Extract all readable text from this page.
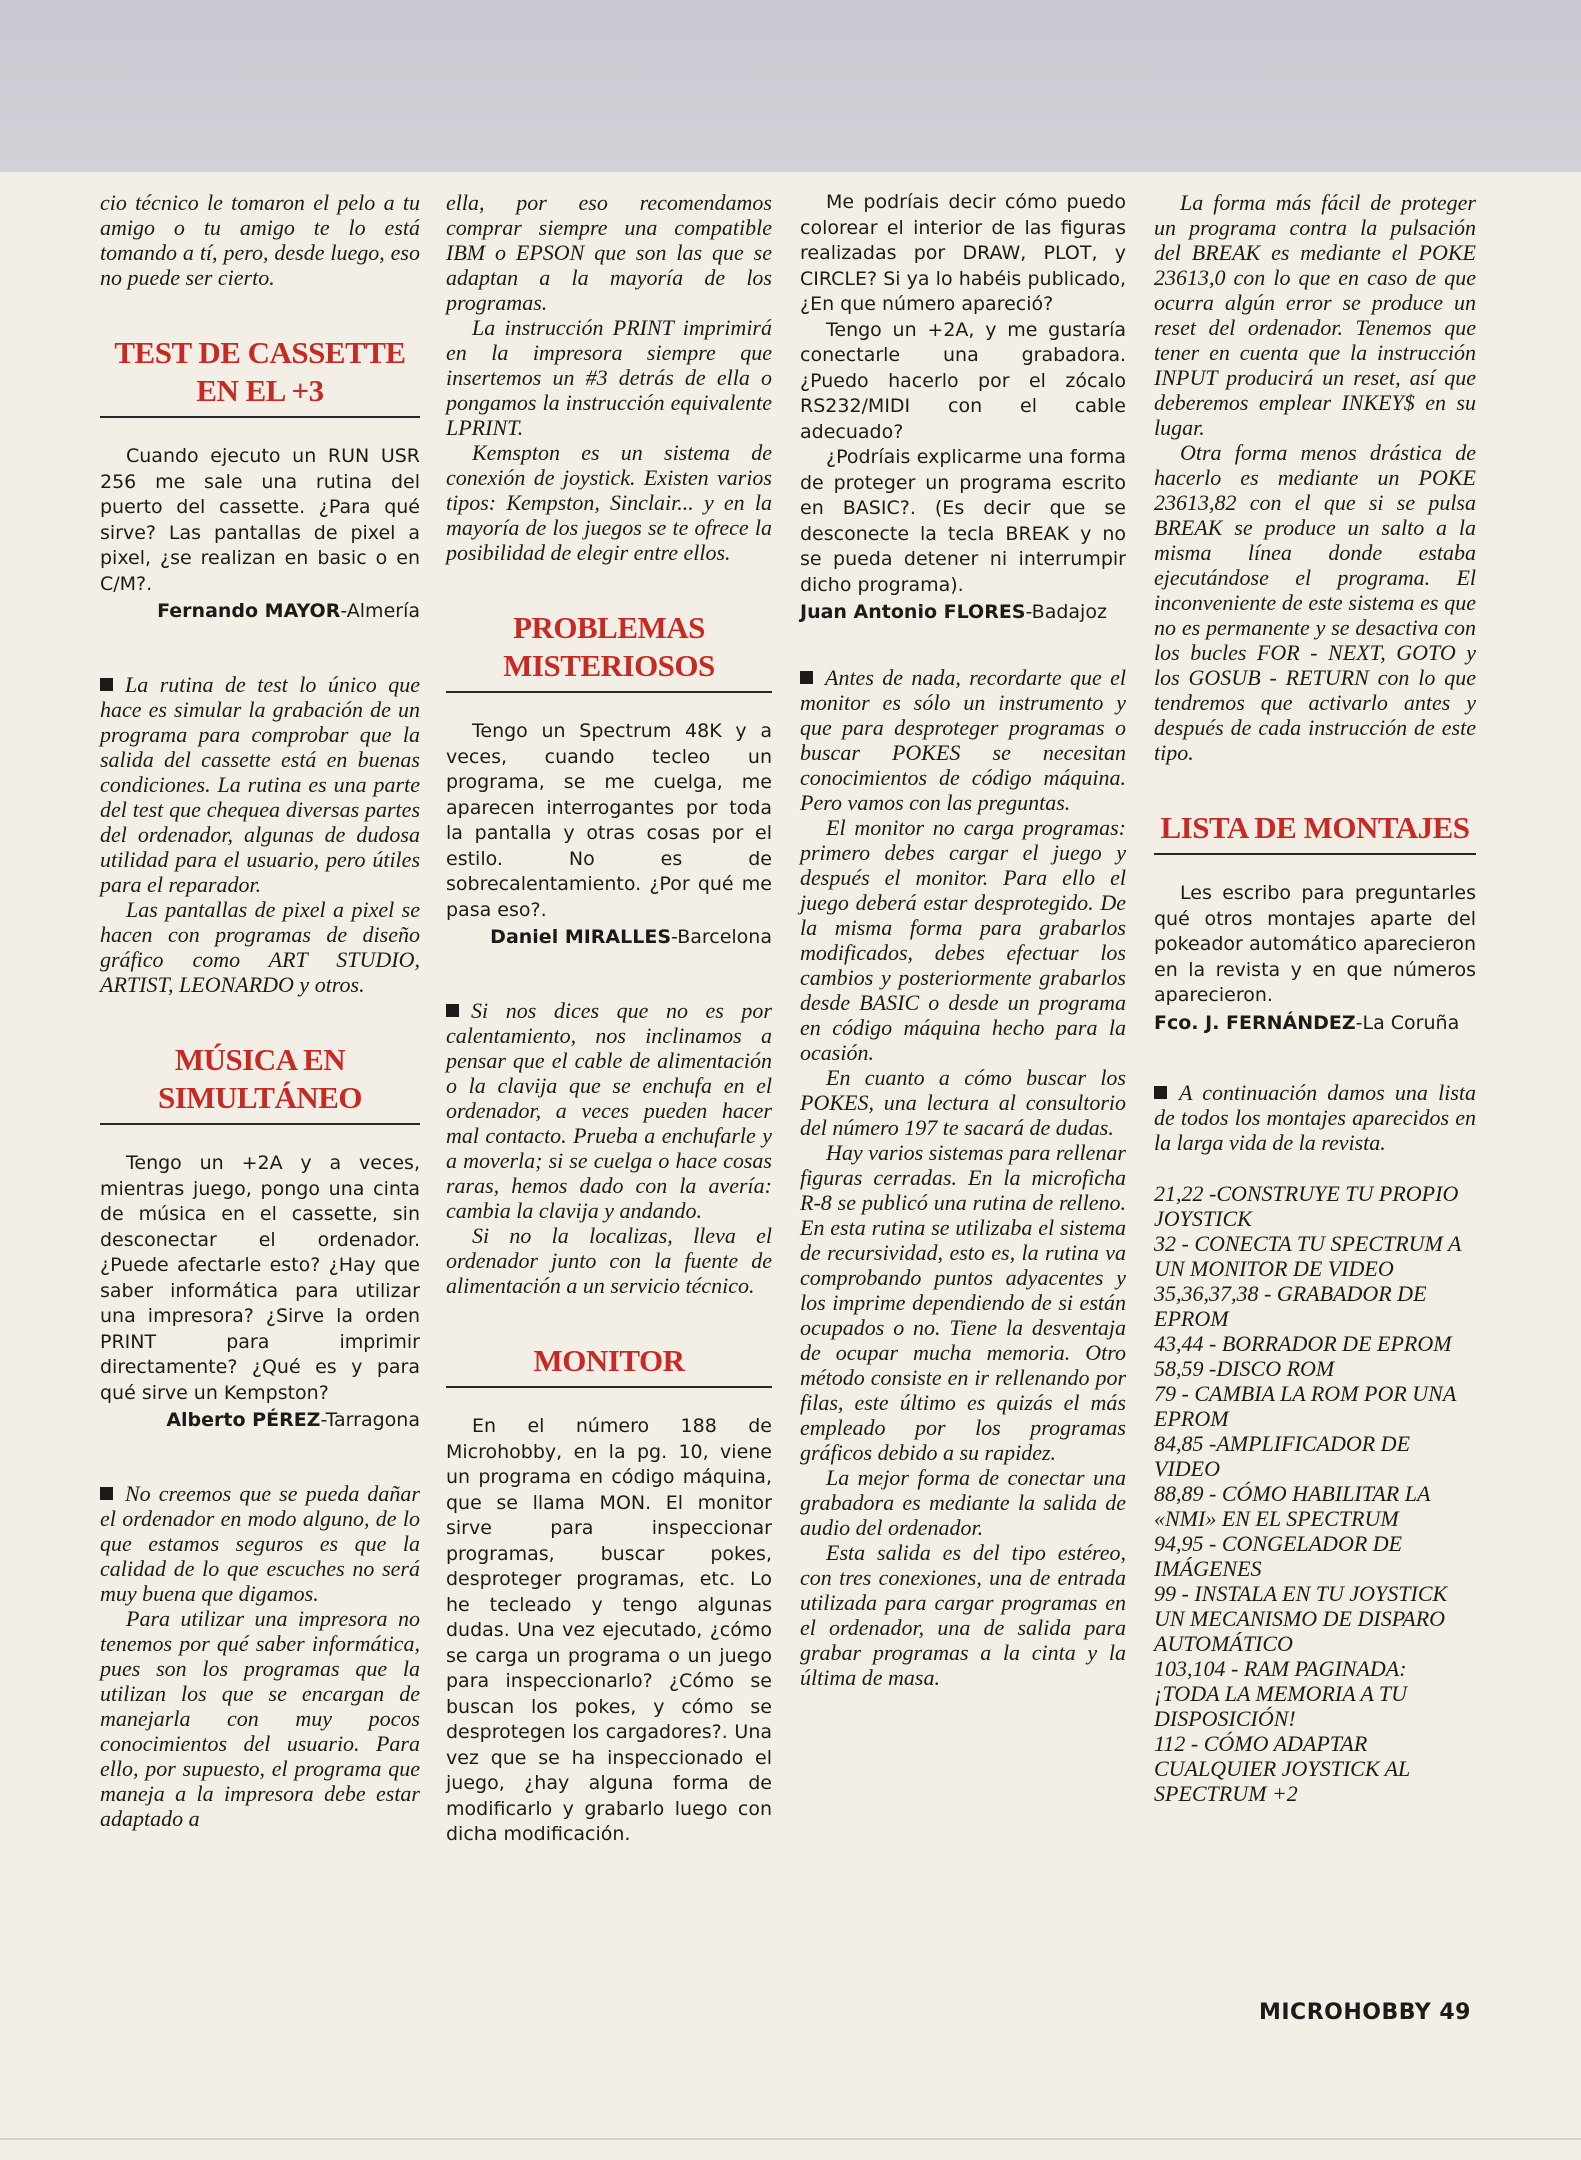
cio técnico le tomaron el pelo a tu amigo o tu amigo te lo está tomando a tí, pero, desde luego, eso no puede ser cierto.

TEST DE CASSETTE EN EL +3

Cuando ejecuto un RUN USR 256 me sale una rutina del puerto del cassette. ¿Para qué sirve? Las pantallas de pixel a pixel, ¿se realizan en basic o en C/M?.

Fernando MAYOR-Almería

La rutina de test lo único que hace es simular la grabación de un programa para comprobar que la salida del cassette está en buenas condiciones. La rutina es una parte del test que chequea diversas partes del ordenador, algunas de dudosa utilidad para el usuario, pero útiles para el reparador.

Las pantallas de pixel a pixel se hacen con programas de diseño gráfico como ART STUDIO, ARTIST, LEONARDO y otros.

MÚSICA EN SIMULTÁNEO

Tengo un +2A y a veces, mientras juego, pongo una cinta de música en el cassette, sin desconectar el ordenador. ¿Puede afectarle esto? ¿Hay que saber informática para utilizar una impresora? ¿Sirve la orden PRINT para imprimir directamente? ¿Qué es y para qué sirve un Kempston?

Alberto PÉREZ-Tarragona

No creemos que se pueda dañar el ordenador en modo alguno, de lo que estamos seguros es que la calidad de lo que escuches no será muy buena que digamos.

Para utilizar una impresora no tenemos por qué saber informática, pues son los programas que la utilizan los que se encargan de manejarla con muy pocos conocimientos del usuario. Para ello, por supuesto, el programa que maneja a la impresora debe estar adaptado a

ella, por eso recomendamos comprar siempre una compatible IBM o EPSON que son las que se adaptan a la mayoría de los programas.

La instrucción PRINT imprimirá en la impresora siempre que insertemos un #3 detrás de ella o pongamos la instrucción equivalente LPRINT.

Kemspton es un sistema de conexión de joystick. Existen varios tipos: Kempston, Sinclair... y en la mayoría de los juegos se te ofrece la posibilidad de elegir entre ellos.

PROBLEMAS MISTERIOSOS

Tengo un Spectrum 48K y a veces, cuando tecleo un programa, se me cuelga, me aparecen interrogantes por toda la pantalla y otras cosas por el estilo. No es de sobrecalentamiento. ¿Por qué me pasa eso?.

Daniel MIRALLES-Barcelona

Si nos dices que no es por calentamiento, nos inclinamos a pensar que el cable de alimentación o la clavija que se enchufa en el ordenador, a veces pueden hacer mal contacto. Prueba a enchufarle y a moverla; si se cuelga o hace cosas raras, hemos dado con la avería: cambia la clavija y andando.

Si no la localizas, lleva el ordenador junto con la fuente de alimentación a un servicio técnico.

MONITOR

En el número 188 de Microhobby, en la pg. 10, viene un programa en código máquina, que se llama MON. El monitor sirve para inspeccionar programas, buscar pokes, desproteger programas, etc. Lo he tecleado y tengo algunas dudas. Una vez ejecutado, ¿cómo se carga un programa o un juego para inspeccionarlo? ¿Cómo se buscan los pokes, y cómo se desprotegen los cargadores?. Una vez que se ha inspeccionado el juego, ¿hay alguna forma de modificarlo y grabarlo luego con dicha modificación.

Me podríais decir cómo puedo colorear el interior de las figuras realizadas por DRAW, PLOT, y CIRCLE? Si ya lo habéis publicado, ¿En que número apareció?

Tengo un +2A, y me gustaría conectarle una grabadora. ¿Puedo hacerlo por el zócalo RS232/MIDI con el cable adecuado?

¿Podríais explicarme una forma de proteger un programa escrito en BASIC?. (Es decir que se desconecte la tecla BREAK y no se pueda detener ni interrumpir dicho programa).

Juan Antonio FLORES-Badajoz

Antes de nada, recordarte que el monitor es sólo un instrumento y que para desproteger programas o buscar POKES se necesitan conocimientos de código máquina. Pero vamos con las preguntas.

El monitor no carga programas: primero debes cargar el juego y después el monitor. Para ello el juego deberá estar desprotegido. De la misma forma para grabarlos modificados, debes efectuar los cambios y posteriormente grabarlos desde BASIC o desde un programa en código máquina hecho para la ocasión.

En cuanto a cómo buscar los POKES, una lectura al consultorio del número 197 te sacará de dudas.

Hay varios sistemas para rellenar figuras cerradas. En la microficha R-8 se publicó una rutina de relleno. En esta rutina se utilizaba el sistema de recursividad, esto es, la rutina va comprobando puntos adyacentes y los imprime dependiendo de si están ocupados o no. Tiene la desventaja de ocupar mucha memoria. Otro método consiste en ir rellenando por filas, este último es quizás el más empleado por los programas gráficos debido a su rapidez.

La mejor forma de conectar una grabadora es mediante la salida de audio del ordenador.

Esta salida es del tipo estéreo, con tres conexiones, una de entrada utilizada para cargar programas en el ordenador, una de salida para grabar programas a la cinta y la última de masa.

La forma más fácil de proteger un programa contra la pulsación del BREAK es mediante el POKE 23613,0 con lo que en caso de que ocurra algún error se produce un reset del ordenador. Tenemos que tener en cuenta que la instrucción INPUT producirá un reset, así que deberemos emplear INKEY$ en su lugar.

Otra forma menos drástica de hacerlo es mediante un POKE 23613,82 con el que si se pulsa BREAK se produce un salto a la misma línea donde estaba ejecutándose el programa. El inconveniente de este sistema es que no es permanente y se desactiva con los bucles FOR - NEXT, GOTO y los GOSUB - RETURN con lo que tendremos que activarlo antes y después de cada instrucción de este tipo.

LISTA DE MONTAJES

Les escribo para preguntarles qué otros montajes aparte del pokeador automático aparecieron en la revista y en que números aparecieron.

Fco. J. FERNÁNDEZ-La Coruña

A continuación damos una lista de todos los montajes aparecidos en la larga vida de la revista.

21,22 -CONSTRUYE TU PROPIO JOYSTICK

32 - CONECTA TU SPECTRUM A UN MONITOR DE VIDEO

35,36,37,38 - GRABADOR DE EPROM

43,44 - BORRADOR DE EPROM

58,59 -DISCO ROM

79 - CAMBIA LA ROM POR UNA EPROM

84,85 -AMPLIFICADOR DE VIDEO

88,89 - CÓMO HABILITAR LA «NMI» EN EL SPECTRUM

94,95 - CONGELADOR DE IMÁGENES

99 - INSTALA EN TU JOYSTICK UN MECANISMO DE DISPARO AUTOMÁTICO

103,104 - RAM PAGINADA: ¡TODA LA MEMORIA A TU DISPOSICIÓN!

112 - CÓMO ADAPTAR CUALQUIER JOYSTICK AL SPECTRUM +2

MICROHOBBY 49
